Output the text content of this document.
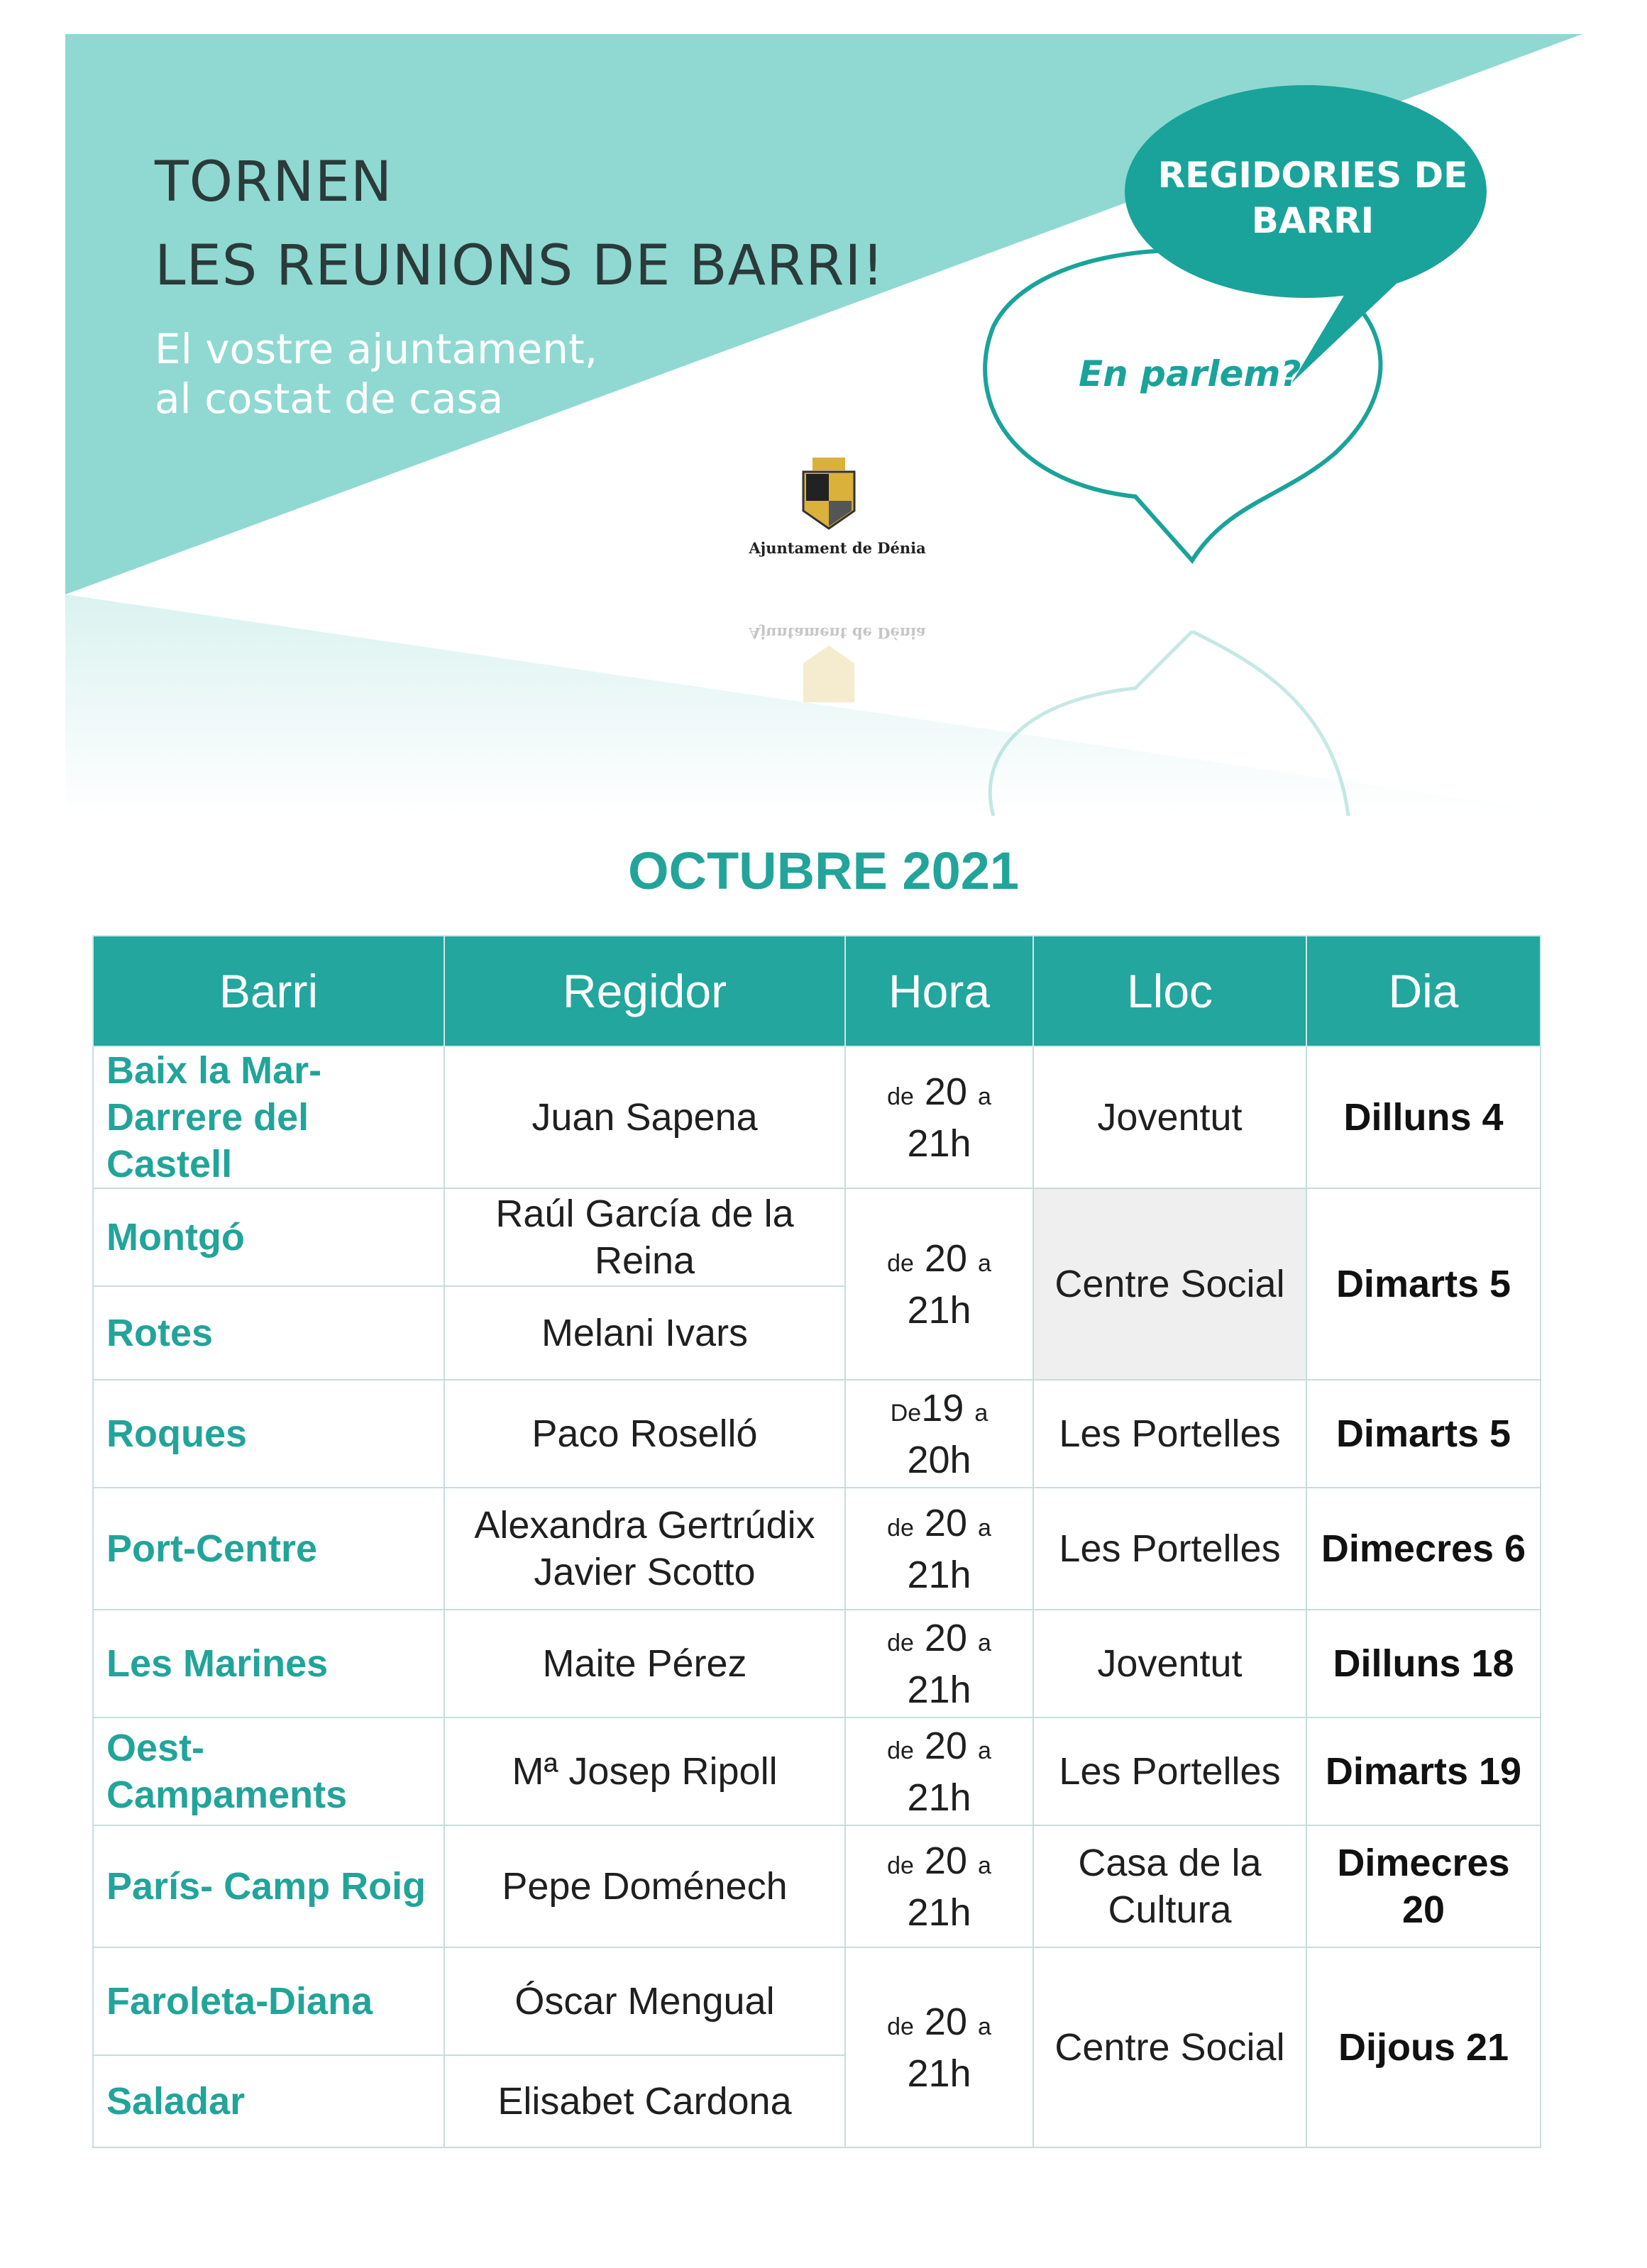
TORNEN
LES REUNIONS DE BARRI!
El vostre ajuntament,
al costat de casa
REGIDORIES DE BARRI
En parlem?
Ajuntament de Dénia
Ajuntament de Dénia
OCTUBRE 2021
Barri	Regidor	Hora	Lloc	Dia
Baix la Mar-Darrere del Castell	Juan Sapena	de 20 a 21h	Joventut	Dilluns 4
Montgó	Raúl García de la Reina	de 20 a 21h	Centre Social	Dimarts 5
Rotes	Melani Ivars			
Roques	Paco Roselló	De19 a 20h	Les Portelles	Dimarts 5
Port-Centre	Alexandra Gertrúdix Javier Scotto	de 20 a 21h	Les Portelles	Dimecres 6
Les Marines	Maite Pérez	de 20 a 21h	Joventut	Dilluns 18
Oest- Campaments	Mª Josep Ripoll	de 20 a 21h	Les Portelles	Dimarts 19
París- Camp Roig	Pepe Doménech	de 20 a 21h	Casa de la Cultura	Dimecres 20
Faroleta-Diana	Óscar Mengual	de 20 a 21h	Centre Social	Dijous 21
Saladar	Elisabet Cardona			
